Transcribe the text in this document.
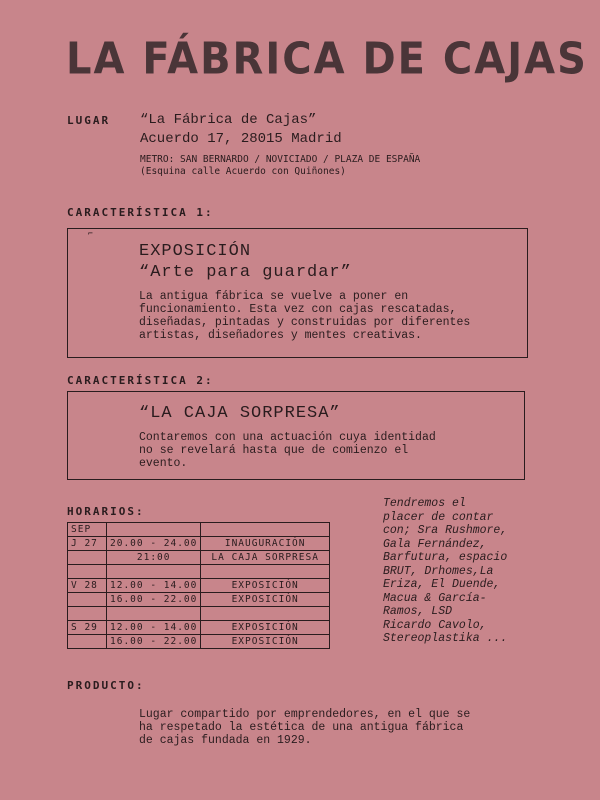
LA FÁBRICA DE CAJAS
LUGAR “La Fábrica de Cajas”
Acuerdo 17, 28015 Madrid
METRO: SAN BERNARDO / NOVICIADO / PLAZA DE ESPAÑA
(Esquina calle Acuerdo con Quiñones)
CARACTERÍSTICA 1:
⌐
EXPOSICIÓN
“Arte para guardar”
La antigua fábrica se vuelve a poner en
funcionamiento. Esta vez con cajas rescatadas,
diseñadas, pintadas y construidas por diferentes
artistas, diseñadores y mentes creativas.
CARACTERÍSTICA 2:
“LA CAJA SORPRESA”
Contaremos con una actuación cuya identidad
no se revelará hasta que de comienzo el
evento.
HORARIOS:
SEP		
J 27	20.00 - 24.00	INAUGURACIÓN
	21:00	LA CAJA SORPRESA

V 28	12.00 - 14.00	EXPOSICIÓN
	16.00 - 22.00	EXPOSICIÓN

S 29	12.00 - 14.00	EXPOSICIÓN
	16.00 - 22.00	EXPOSICIÓN
Tendremos el
placer de contar
con; Sra Rushmore,
Gala Fernández,
Barfutura, espacio
BRUT, Drhomes,La
Eriza, El Duende,
Macua & García-
Ramos, LSD
Ricardo Cavolo,
Stereoplastika ...
PRODUCTO:
Lugar compartido por emprendedores, en el que se
ha respetado la estética de una antigua fábrica
de cajas fundada en 1929.
